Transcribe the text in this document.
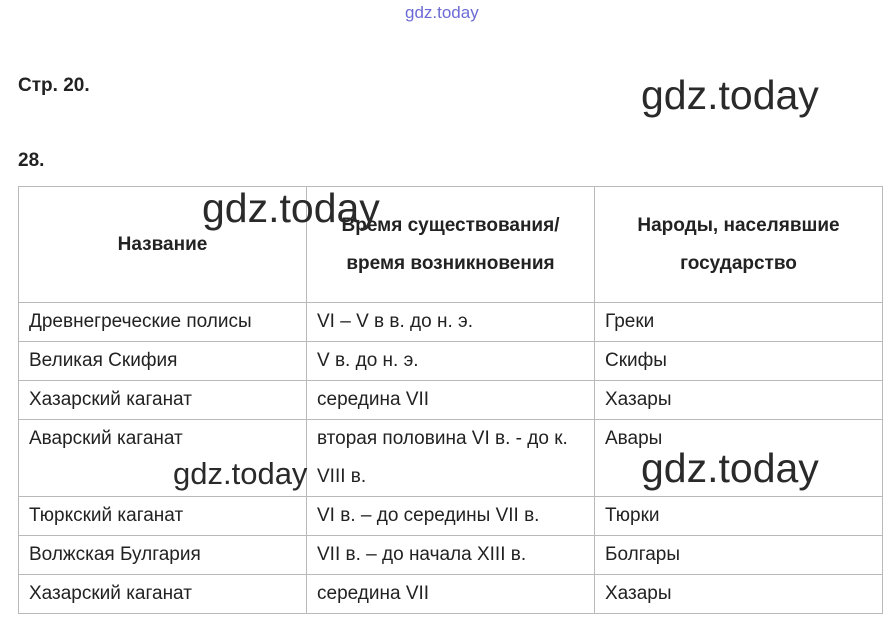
gdz.today
gdz.today
Стр. 20.
28.
Название	Время существования/время возникновения	Народы, населявшие государство
Древнегреческие полисы	VI – V в в. до н. э.	Греки
Великая Скифия	V в. до н. э.	Скифы
Хазарский каганат	середина VII	Хазары
Аварский каганат	вторая половина VI в. - до к. VIII в.	Авары
Тюркский каганат	VI в. – до середины VII в.	Тюрки
Волжская Булгария	VII в. – до начала XIII в.	Болгары
Хазарский каганат	середина VII	Хазары
gdz.today
gdz.today	gdz.today
